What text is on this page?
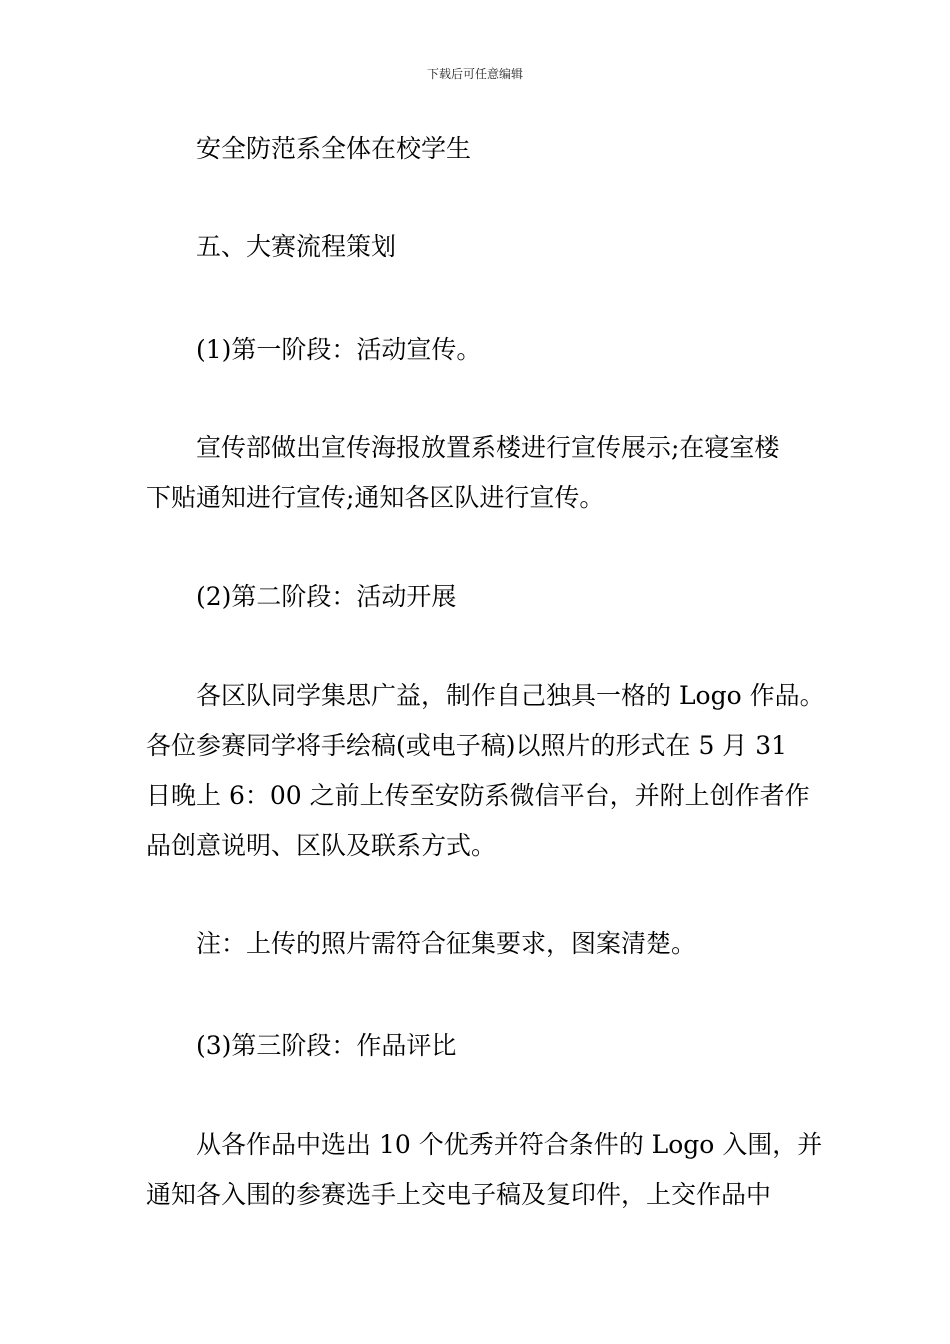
下载后可任意编辑
安全防范系全体在校学生
五、大赛流程策划
(1)第一阶段：活动宣传。
宣传部做出宣传海报放置系楼进行宣传展示;在寝室楼
下贴通知进行宣传;通知各区队进行宣传。
(2)第二阶段：活动开展
各区队同学集思广益，制作自己独具一格的 Logo 作品。
各位参赛同学将手绘稿(或电子稿)以照片的形式在 5 月 31
日晚上 6：00 之前上传至安防系微信平台，并附上创作者作
品创意说明、区队及联系方式。
注：上传的照片需符合征集要求，图案清楚。
(3)第三阶段：作品评比
从各作品中选出 10 个优秀并符合条件的 Logo 入围，并
通知各入围的参赛选手上交电子稿及复印件，上交作品中
